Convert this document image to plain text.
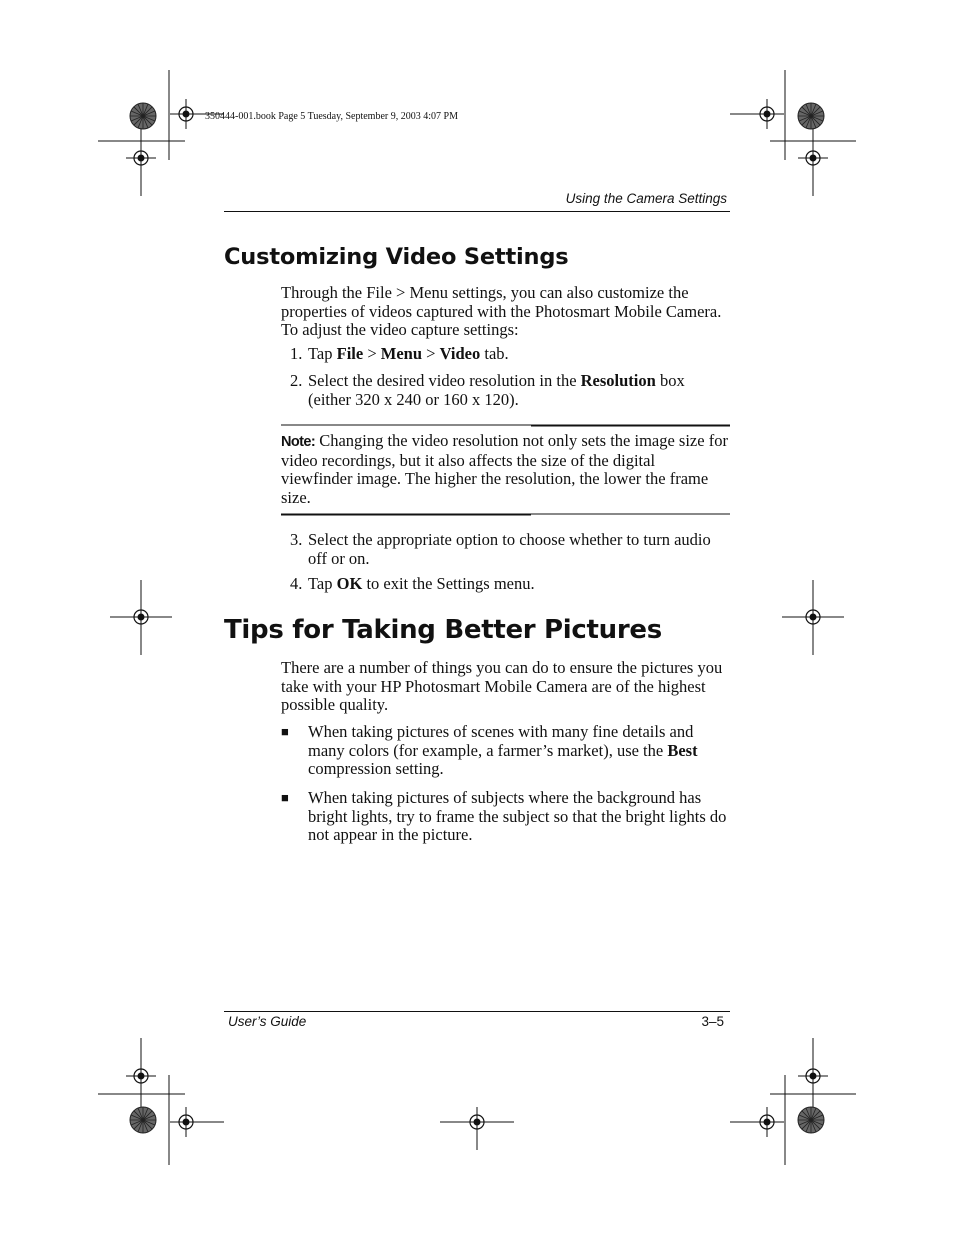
350444-001.book Page 5 Tuesday, September 9, 2003 4:07 PM
Using the Camera Settings
Customizing Video Settings
Through the File > Menu settings, you can also customize the properties of videos captured with the Photosmart Mobile Camera. To adjust the video capture settings:
1. Tap File > Menu > Video tab.
2. Select the desired video resolution in the Resolution box (either 320 x 240 or 160 x 120).
Note: Changing the video resolution not only sets the image size for video recordings, but it also affects the size of the digital viewfinder image. The higher the resolution, the lower the frame size.
3. Select the appropriate option to choose whether to turn audio off or on.
4. Tap OK to exit the Settings menu.
Tips for Taking Better Pictures
There are a number of things you can do to ensure the pictures you take with your HP Photosmart Mobile Camera are of the highest possible quality.
■	When taking pictures of scenes with many fine details and many colors (for example, a farmer’s market), use the Best compression setting.
■	When taking pictures of subjects where the background has bright lights, try to frame the subject so that the bright lights do not appear in the picture.
User’s Guide	3–5
